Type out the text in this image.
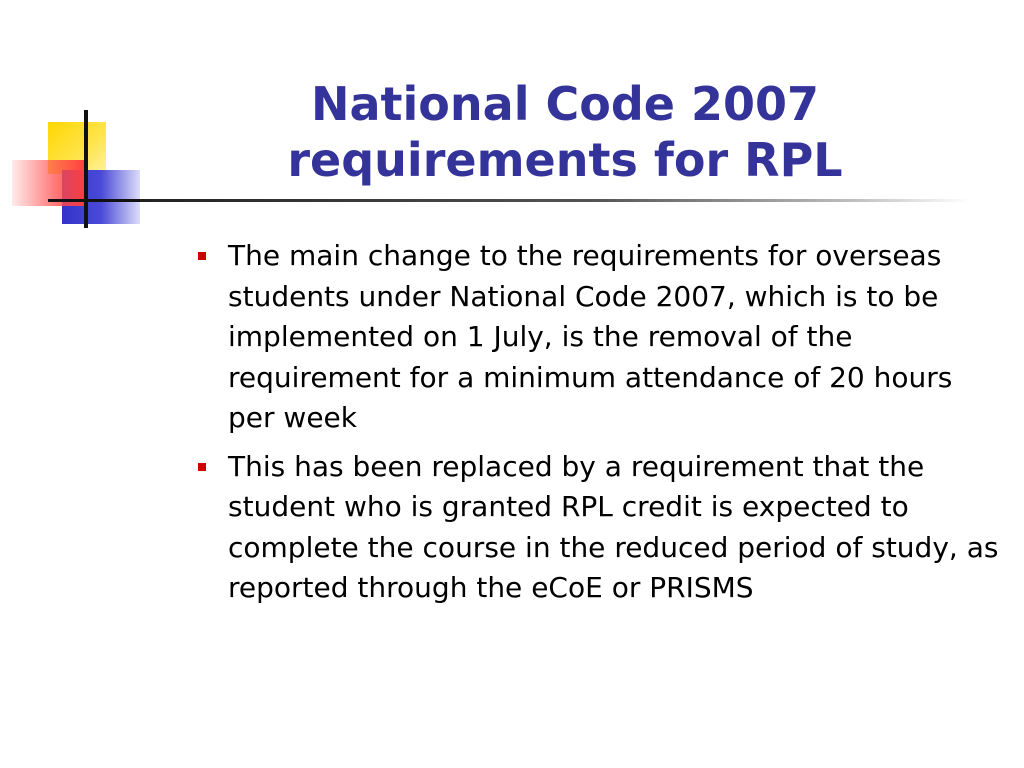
National Code 2007
requirements for RPL
The main change to the requirements for overseas students under National Code 2007, which is to be implemented on 1 July, is the removal of the requirement for a minimum attendance of 20 hours per week
This has been replaced by a requirement that the student who is granted RPL credit is expected to complete the course in the reduced period of study, as reported through the eCoE or PRISMS
